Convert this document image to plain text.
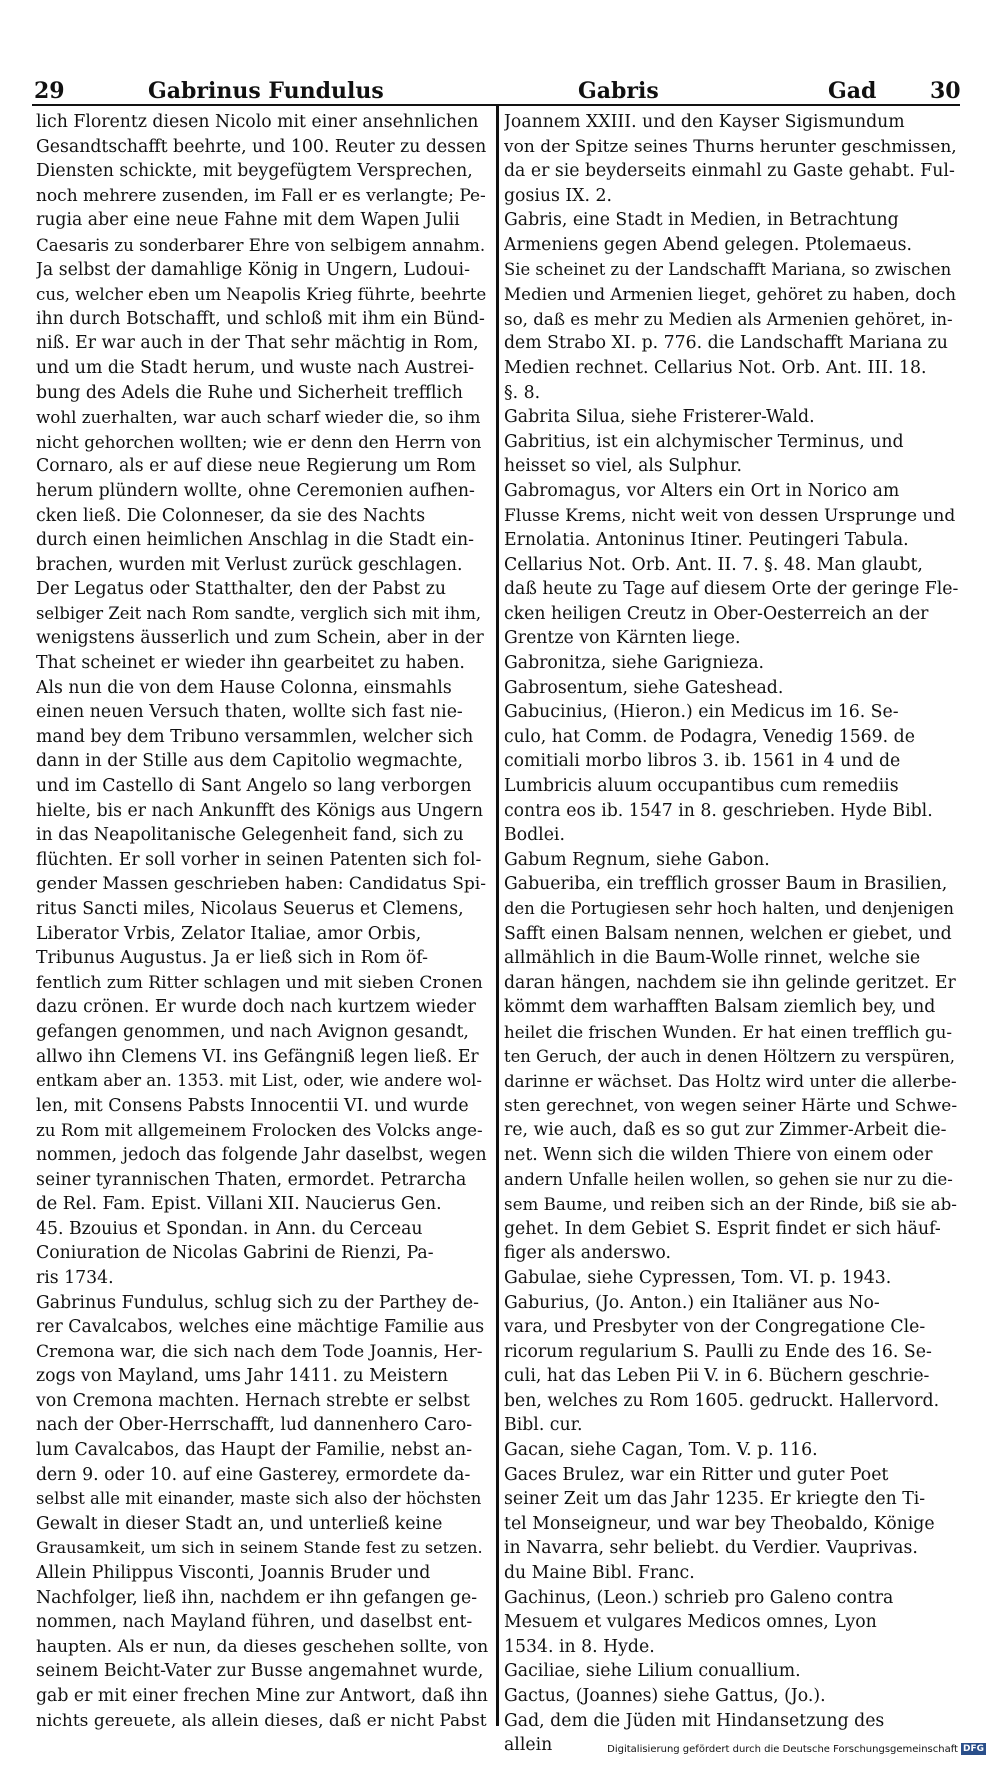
29	Gabrinus Fundulus	Gabris	Gad 30
lich Florentz diesen Nicolo mit einer ansehnlichen
Gesandtschafft beehrte, und 100. Reuter zu dessen
Diensten schickte, mit beygefügtem Versprechen,
noch mehrere zusenden, im Fall er es verlangte; Pe-
rugia aber eine neue Fahne mit dem Wapen Julii
Caesaris zu sonderbarer Ehre von selbigem annahm.
Ja selbst der damahlige König in Ungern, Ludoui-
cus, welcher eben um Neapolis Krieg führte, beehrte
ihn durch Botschafft, und schloß mit ihm ein Bünd-
niß. Er war auch in der That sehr mächtig in Rom,
und um die Stadt herum, und wuste nach Austrei-
bung des Adels die Ruhe und Sicherheit trefflich
wohl zuerhalten, war auch scharf wieder die, so ihm
nicht gehorchen wollten; wie er denn den Herrn von
Cornaro, als er auf diese neue Regierung um Rom
herum plündern wollte, ohne Ceremonien aufhen-
cken ließ. Die Colonneser, da sie des Nachts
durch einen heimlichen Anschlag in die Stadt ein-
brachen, wurden mit Verlust zurück geschlagen.
Der Legatus oder Statthalter, den der Pabst zu
selbiger Zeit nach Rom sandte, verglich sich mit ihm,
wenigstens äusserlich und zum Schein, aber in der
That scheinet er wieder ihn gearbeitet zu haben.
Als nun die von dem Hause Colonna, einsmahls
einen neuen Versuch thaten, wollte sich fast nie-
mand bey dem Tribuno versammlen, welcher sich
dann in der Stille aus dem Capitolio wegmachte,
und im Castello di Sant Angelo so lang verborgen
hielte, bis er nach Ankunfft des Königs aus Ungern
in das Neapolitanische Gelegenheit fand, sich zu
flüchten. Er soll vorher in seinen Patenten sich fol-
gender Massen geschrieben haben: Candidatus Spi-
ritus Sancti miles, Nicolaus Seuerus et Clemens,
Liberator Vrbis, Zelator Italiae, amor Orbis,
Tribunus Augustus. Ja er ließ sich in Rom öf-
fentlich zum Ritter schlagen und mit sieben Cronen
dazu crönen. Er wurde doch nach kurtzem wieder
gefangen genommen, und nach Avignon gesandt,
allwo ihn Clemens VI. ins Gefängniß legen ließ. Er
entkam aber an. 1353. mit List, oder, wie andere wol-
len, mit Consens Pabsts Innocentii VI. und wurde
zu Rom mit allgemeinem Frolocken des Volcks ange-
nommen, jedoch das folgende Jahr daselbst, wegen
seiner tyrannischen Thaten, ermordet. Petrarcha
de Rel. Fam. Epist. Villani XII. Naucierus Gen.
45. Bzouius et Spondan. in Ann. du Cerceau
Coniuration de Nicolas Gabrini de Rienzi, Pa-
ris 1734.
Gabrinus Fundulus, schlug sich zu der Parthey de-
rer Cavalcabos, welches eine mächtige Familie aus
Cremona war, die sich nach dem Tode Joannis, Her-
zogs von Mayland, ums Jahr 1411. zu Meistern
von Cremona machten. Hernach strebte er selbst
nach der Ober-Herrschafft, lud dannenhero Caro-
lum Cavalcabos, das Haupt der Familie, nebst an-
dern 9. oder 10. auf eine Gasterey, ermordete da-
selbst alle mit einander, maste sich also der höchsten
Gewalt in dieser Stadt an, und unterließ keine
Grausamkeit, um sich in seinem Stande fest zu setzen.
Allein Philippus Visconti, Joannis Bruder und
Nachfolger, ließ ihn, nachdem er ihn gefangen ge-
nommen, nach Mayland führen, und daselbst ent-
haupten. Als er nun, da dieses geschehen sollte, von
seinem Beicht-Vater zur Busse angemahnet wurde,
gab er mit einer frechen Mine zur Antwort, daß ihn
nichts gereuete, als allein dieses, daß er nicht Pabst
Joannem XXIII. und den Kayser Sigismundum
von der Spitze seines Thurns herunter geschmissen,
da er sie beyderseits einmahl zu Gaste gehabt. Ful-
gosius IX. 2.
Gabris, eine Stadt in Medien, in Betrachtung
Armeniens gegen Abend gelegen. Ptolemaeus.
Sie scheinet zu der Landschafft Mariana, so zwischen
Medien und Armenien lieget, gehöret zu haben, doch
so, daß es mehr zu Medien als Armenien gehöret, in-
dem Strabo XI. p. 776. die Landschafft Mariana zu
Medien rechnet. Cellarius Not. Orb. Ant. III. 18.
§. 8.
Gabrita Silua, siehe Fristerer-Wald.
Gabritius, ist ein alchymischer Terminus, und
heisset so viel, als Sulphur.
Gabromagus, vor Alters ein Ort in Norico am
Flusse Krems, nicht weit von dessen Ursprunge und
Ernolatia. Antoninus Itiner. Peutingeri Tabula.
Cellarius Not. Orb. Ant. II. 7. §. 48. Man glaubt,
daß heute zu Tage auf diesem Orte der geringe Fle-
cken heiligen Creutz in Ober-Oesterreich an der
Grentze von Kärnten liege.
Gabronitza, siehe Garignieza.
Gabrosentum, siehe Gateshead.
Gabucinius, (Hieron.) ein Medicus im 16. Se-
culo, hat Comm. de Podagra, Venedig 1569. de
comitiali morbo libros 3. ib. 1561 in 4 und de
Lumbricis aluum occupantibus cum remediis
contra eos ib. 1547 in 8. geschrieben. Hyde Bibl.
Bodlei.
Gabum Regnum, siehe Gabon.
Gabueriba, ein trefflich grosser Baum in Brasilien,
den die Portugiesen sehr hoch halten, und denjenigen
Safft einen Balsam nennen, welchen er giebet, und
allmählich in die Baum-Wolle rinnet, welche sie
daran hängen, nachdem sie ihn gelinde geritzet. Er
kömmt dem warhafften Balsam ziemlich bey, und
heilet die frischen Wunden. Er hat einen trefflich gu-
ten Geruch, der auch in denen Höltzern zu verspüren,
darinne er wächset. Das Holtz wird unter die allerbe-
sten gerechnet, von wegen seiner Härte und Schwe-
re, wie auch, daß es so gut zur Zimmer-Arbeit die-
net. Wenn sich die wilden Thiere von einem oder
andern Unfalle heilen wollen, so gehen sie nur zu die-
sem Baume, und reiben sich an der Rinde, biß sie ab-
gehet. In dem Gebiet S. Esprit findet er sich häuf-
figer als anderswo.
Gabulae, siehe Cypressen, Tom. VI. p. 1943.
Gaburius, (Jo. Anton.) ein Italiäner aus No-
vara, und Presbyter von der Congregatione Cle-
ricorum regularium S. Paulli zu Ende des 16. Se-
culi, hat das Leben Pii V. in 6. Büchern geschrie-
ben, welches zu Rom 1605. gedruckt. Hallervord.
Bibl. cur.
Gacan, siehe Cagan, Tom. V. p. 116.
Gaces Brulez, war ein Ritter und guter Poet
seiner Zeit um das Jahr 1235. Er kriegte den Ti-
tel Monseigneur, und war bey Theobaldo, Könige
in Navarra, sehr beliebt. du Verdier. Vauprivas.
du Maine Bibl. Franc.
Gachinus, (Leon.) schrieb pro Galeno contra
Mesuem et vulgares Medicos omnes, Lyon
1534. in 8. Hyde.
Gaciliae, siehe Lilium conuallium.
Gactus, (Joannes) siehe Gattus, (Jo.).
Gad, dem die Jüden mit Hindansetzung des
allein	Digitalisierung gefördert durch die Deutsche Forschungsgemeinschaft DFG
